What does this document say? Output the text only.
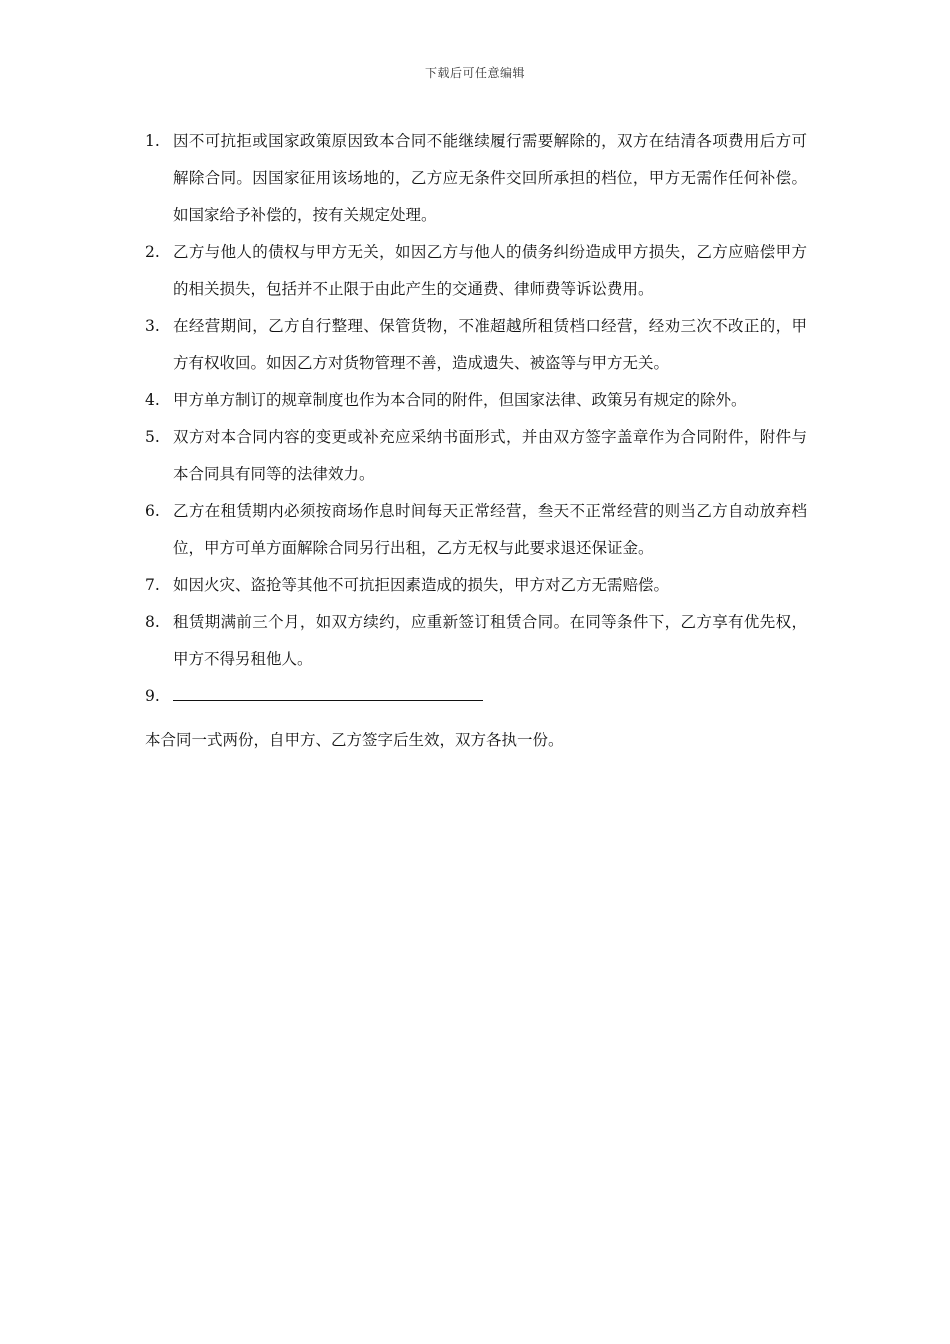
下载后可任意编辑
1. 因不可抗拒或国家政策原因致本合同不能继续履行需要解除的，双方在结清各项费用后方可解除合同。因国家征用该场地的，乙方应无条件交回所承担的档位，甲方无需作任何补偿。如国家给予补偿的，按有关规定处理。
2. 乙方与他人的债权与甲方无关，如因乙方与他人的债务纠纷造成甲方损失，乙方应赔偿甲方的相关损失，包括并不止限于由此产生的交通费、律师费等诉讼费用。
3. 在经营期间，乙方自行整理、保管货物，不准超越所租赁档口经营，经劝三次不改正的，甲方有权收回。如因乙方对货物管理不善，造成遗失、被盗等与甲方无关。
4. 甲方单方制订的规章制度也作为本合同的附件，但国家法律、政策另有规定的除外。
5. 双方对本合同内容的变更或补充应采纳书面形式，并由双方签字盖章作为合同附件，附件与本合同具有同等的法律效力。
6. 乙方在租赁期内必须按商场作息时间每天正常经营，叁天不正常经营的则当乙方自动放弃档位，甲方可单方面解除合同另行出租，乙方无权与此要求退还保证金。
7. 如因火灾、盗抢等其他不可抗拒因素造成的损失，甲方对乙方无需赔偿。
8. 租赁期满前三个月，如双方续约，应重新签订租赁合同。在同等条件下，乙方享有优先权，甲方不得另租他人。
9.
本合同一式两份，自甲方、乙方签字后生效，双方各执一份。
